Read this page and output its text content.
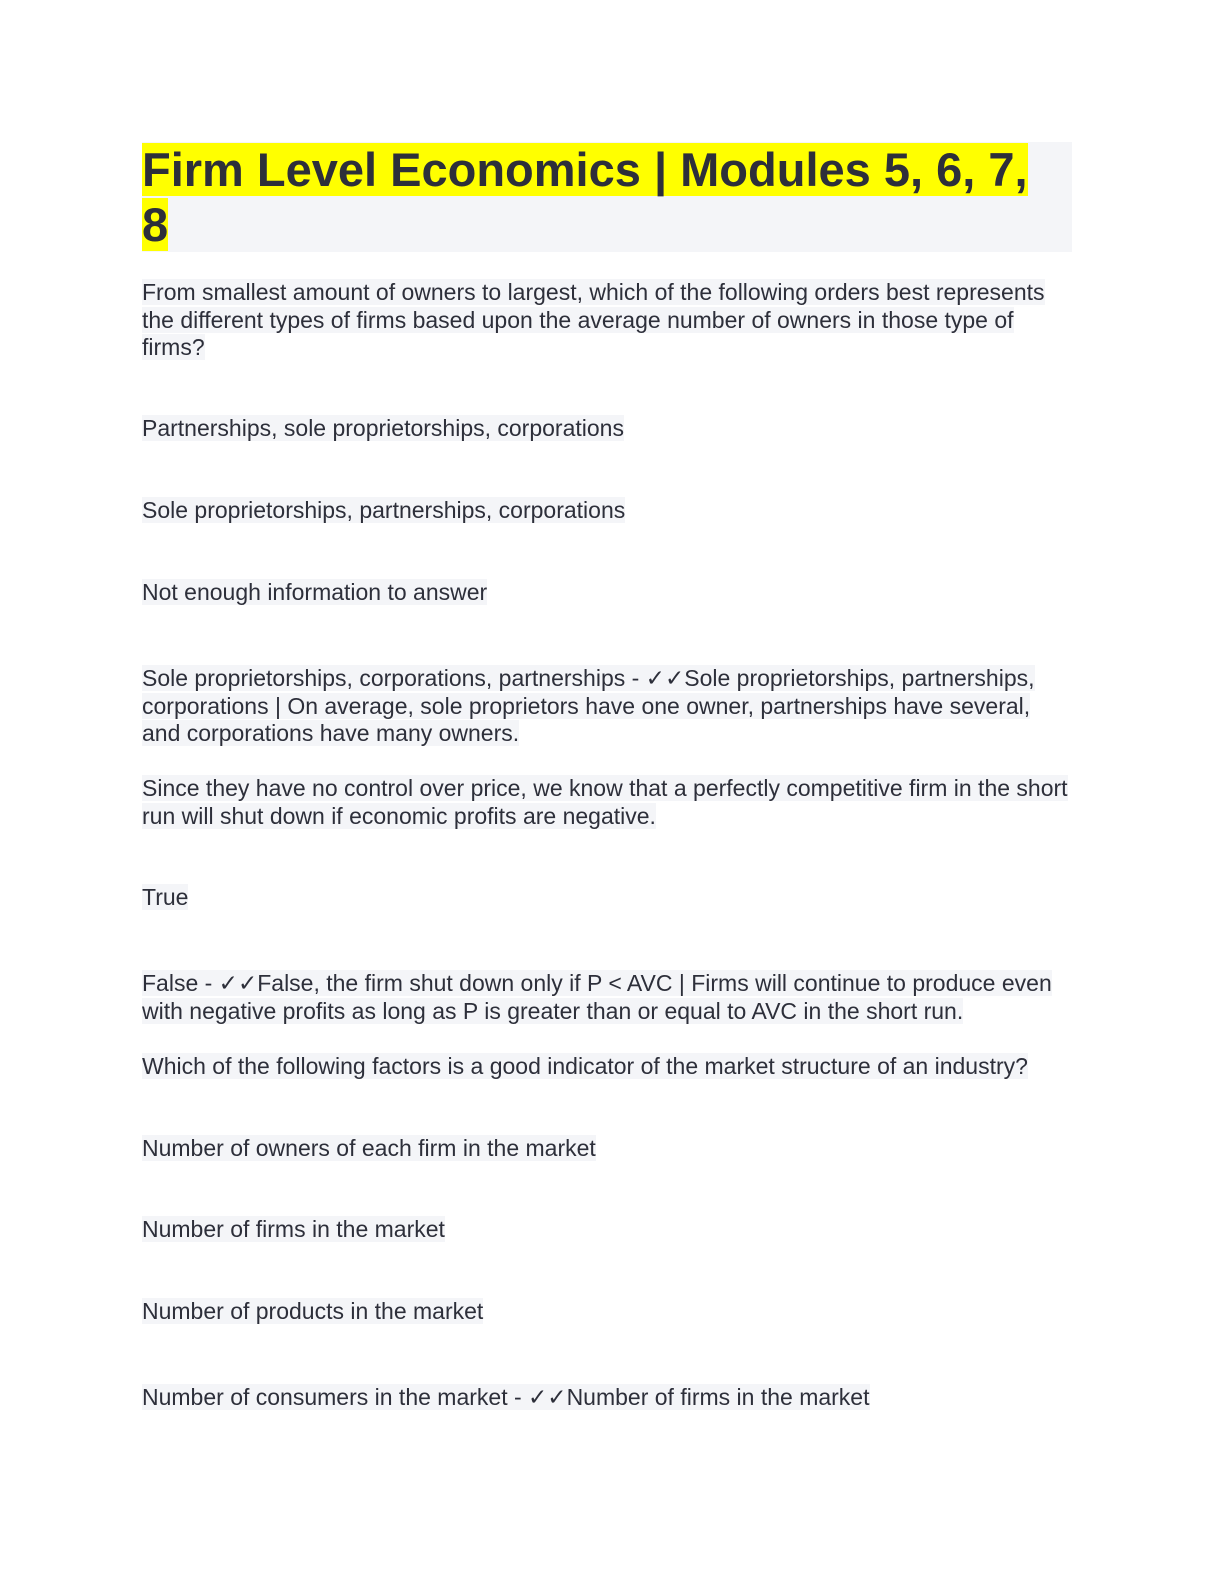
Firm Level Economics | Modules 5, 6, 7, 8

From smallest amount of owners to largest, which of the following orders best represents the different types of firms based upon the average number of owners in those type of firms?

Partnerships, sole proprietorships, corporations

Sole proprietorships, partnerships, corporations

Not enough information to answer

Sole proprietorships, corporations, partnerships - ✓✓Sole proprietorships, partnerships, corporations | On average, sole proprietors have one owner, partnerships have several, and corporations have many owners.

Since they have no control over price, we know that a perfectly competitive firm in the short run will shut down if economic profits are negative.

True

False - ✓✓False, the firm shut down only if P < AVC | Firms will continue to produce even with negative profits as long as P is greater than or equal to AVC in the short run.

Which of the following factors is a good indicator of the market structure of an industry?

Number of owners of each firm in the market

Number of firms in the market

Number of products in the market

Number of consumers in the market - ✓✓Number of firms in the market
